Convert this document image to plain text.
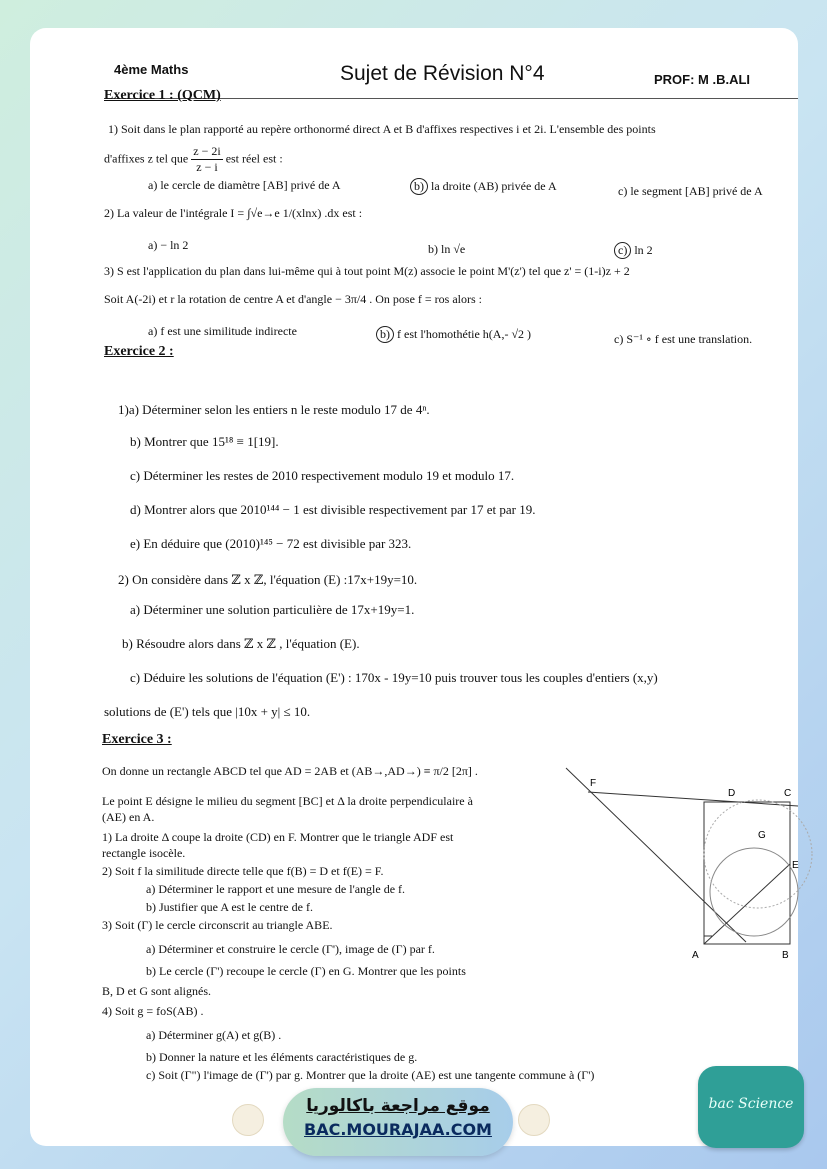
4ème Maths	Sujet de Révision N°4	PROF: M .B.ALI
Exercice 1 : (QCM)
1) Soit dans le plan rapporté au repère orthonormé direct A et B d'affixes respectives i et 2i. L'ensemble des points
d'affixes z tel que $\frac{z - 2i}{z - i}$ est réel est :
a) le cercle de diamètre [AB] privé de A	b) la droite (AB) privée de A	c) le segment [AB] privé de A
2) La valeur de l'intégrale I = ∫√e→e 1/(xlnx) .dx est :
a) − ln 2	b) ln √e	c) ln 2
3) S est l'application du plan dans lui-même qui à tout point M(z) associe le point M'(z') tel que z' = (1-i)z + 2
Soit A(-2i) et r la rotation de centre A et d'angle − 3π/4 . On pose f = ros alors :
a) f est une similitude indirecte	b) f est l'homothétie h(A,- √2 )	c) S⁻¹ ∘ f est une translation.
Exercice 2 :
1)a) Déterminer selon les entiers n le reste modulo 17 de 4ⁿ.
b) Montrer que 15¹⁸ ≡ 1[19].
c) Déterminer les restes de 2010 respectivement modulo 19 et modulo 17.
d) Montrer alors que 2010¹⁴⁴ − 1 est divisible respectivement par 17 et par 19.
e) En déduire que (2010)¹⁴⁵ − 72 est divisible par 323.
2) On considère dans ℤ x ℤ, l'équation (E) :17x+19y=10.
a) Déterminer une solution particulière de 17x+19y=1.
b) Résoudre alors dans ℤ x ℤ , l'équation (E).
c) Déduire les solutions de l'équation (E') : 170x - 19y=10 puis trouver tous les couples d'entiers (x,y)
solutions de (E') tels que |10x + y| ≤ 10.
Exercice 3 :
On donne un rectangle ABCD tel que AD = 2AB et (AB→,AD→) ≡ π/2 [2π] .
Le point E désigne le milieu du segment [BC] et Δ la droite perpendiculaire à
(AE) en A.
1) La droite Δ coupe la droite (CD) en F. Montrer que le triangle ADF est
rectangle isocèle.
2) Soit f la similitude directe telle que f(B) = D et f(E) = F.
a) Déterminer le rapport et une mesure de l'angle de f.
b) Justifier que A est le centre de f.
3) Soit (Γ) le cercle circonscrit au triangle ABE.
a) Déterminer et construire le cercle (Γ'), image de (Γ) par f.
b) Le cercle (Γ') recoupe le cercle (Γ) en G. Montrer que les points
B, D et G sont alignés.
4) Soit g = foS(AB) .
a) Déterminer g(A) et g(B) .
b) Donner la nature et les éléments caractéristiques de g.
c) Soit (Γ") l'image de (Γ') par g. Montrer que la droite (AE) est une tangente commune à (Γ')
D	C
E
G
A	B
F
موقع مراجعة باكالوريا
BAC.MOURAJAA.COM
bac Science
